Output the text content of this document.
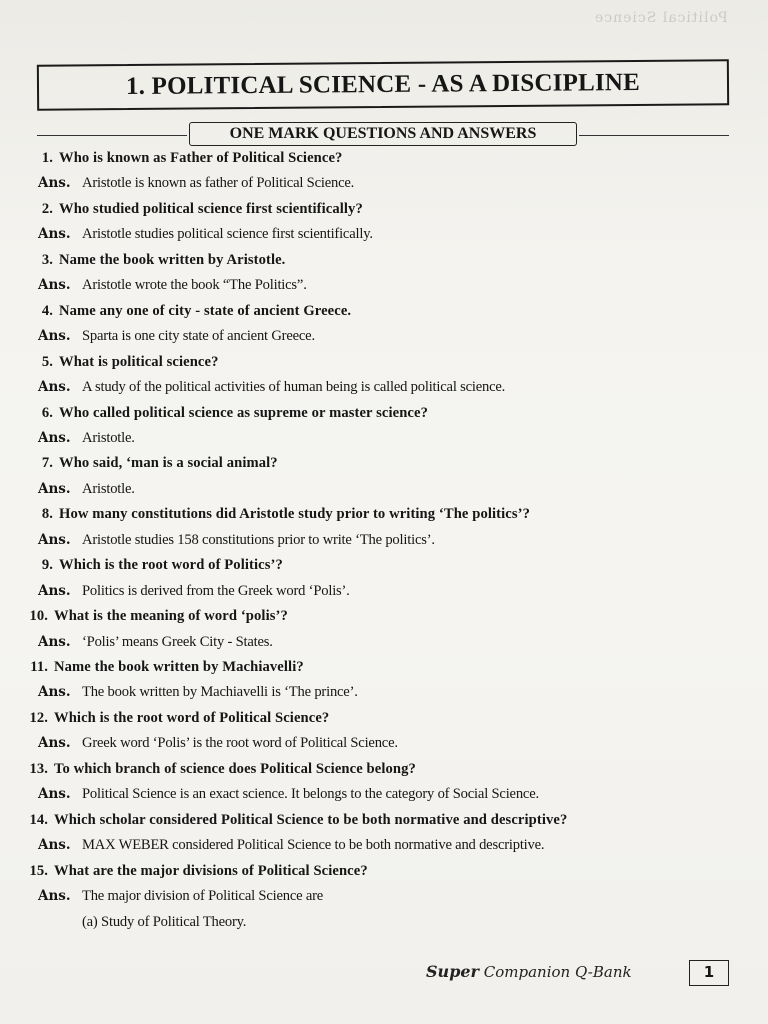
Political Science
1. POLITICAL SCIENCE - AS A DISCIPLINE
ONE MARK QUESTIONS AND ANSWERS
1. Who is known as Father of Political Science?
Ans. Aristotle is known as father of Political Science.
2. Who studied political science first scientifically?
Ans. Aristotle studies political science first scientifically.
3. Name the book written by Aristotle.
Ans. Aristotle wrote the book “The Politics”.
4. Name any one of city - state of ancient Greece.
Ans. Sparta is one city state of ancient Greece.
5. What is political science?
Ans. A study of the political activities of human being is called political science.
6. Who called political science as supreme or master science?
Ans. Aristotle.
7. Who said, ‘man is a social animal?
Ans. Aristotle.
8. How many constitutions did Aristotle study prior to writing ‘The politics’?
Ans. Aristotle studies 158 constitutions prior to write ‘The politics’.
9. Which is the root word of Politics’?
Ans. Politics is derived from the Greek word ‘Polis’.
10. What is the meaning of word ‘polis’?
Ans. ‘Polis’ means Greek City - States.
11. Name the book written by Machiavelli?
Ans. The book written by Machiavelli is ‘The prince’.
12. Which is the root word of Political Science?
Ans. Greek word ‘Polis’ is the root word of Political Science.
13. To which branch of science does Political Science belong?
Ans. Political Science is an exact science. It belongs to the category of Social Science.
14. Which scholar considered Political Science to be both normative and descriptive?
Ans. MAX WEBER considered Political Science to be both normative and descriptive.
15. What are the major divisions of Political Science?
Ans. The major division of Political Science are
(a) Study of Political Theory.
Super Companion Q-Bank	1
